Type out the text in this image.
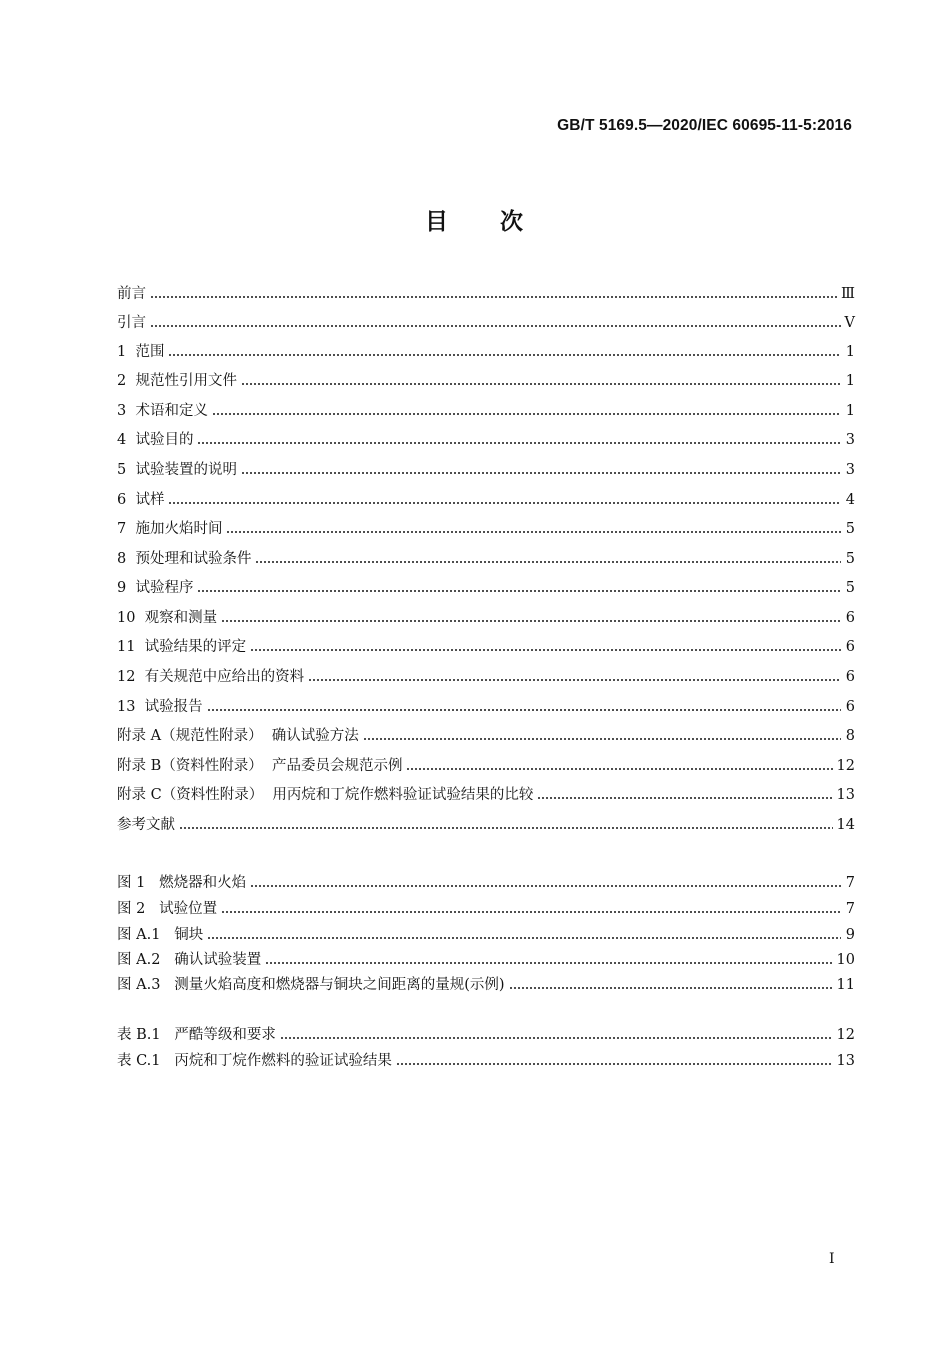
GB/T 5169.5—2020/IEC 60695-11-5:2016
目 次
前言	Ⅲ
引言	Ⅴ
1  范围	1
2  规范性引用文件	1
3  术语和定义	1
4  试验目的	3
5  试验装置的说明	3
6  试样	4
7  施加火焰时间	5
8  预处理和试验条件	5
9  试验程序	5
10  观察和测量	6
11  试验结果的评定	6
12  有关规范中应给出的资料	6
13  试验报告	6
附录 A（规范性附录）  确认试验方法	8
附录 B（资料性附录）  产品委员会规范示例	12
附录 C（资料性附录）  用丙烷和丁烷作燃料验证试验结果的比较	13
参考文献	14
图 1   燃烧器和火焰	7
图 2   试验位置	7
图 A.1   铜块	9
图 A.2   确认试验装置	10
图 A.3   测量火焰高度和燃烧器与铜块之间距离的量规(示例)	11
表 B.1   严酷等级和要求	12
表 C.1   丙烷和丁烷作燃料的验证试验结果	13
Ⅰ
